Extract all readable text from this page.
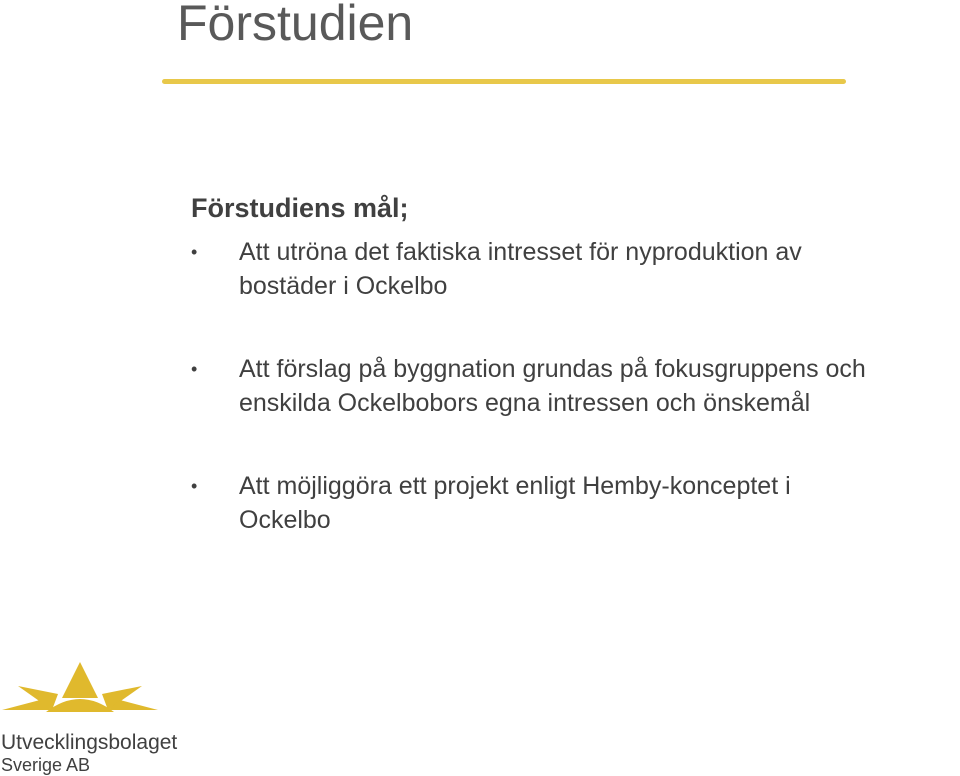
Förstudien
Förstudiens mål;
• Att utröna det faktiska intresset för nyproduktion av
bostäder i Ockelbo
• Att förslag på byggnation grundas på fokusgruppens och
enskilda Ockelbobors egna intressen och önskemål
• Att möjliggöra ett projekt enligt Hemby-konceptet i
Ockelbo
Utvecklingsbolaget
Sverige AB
